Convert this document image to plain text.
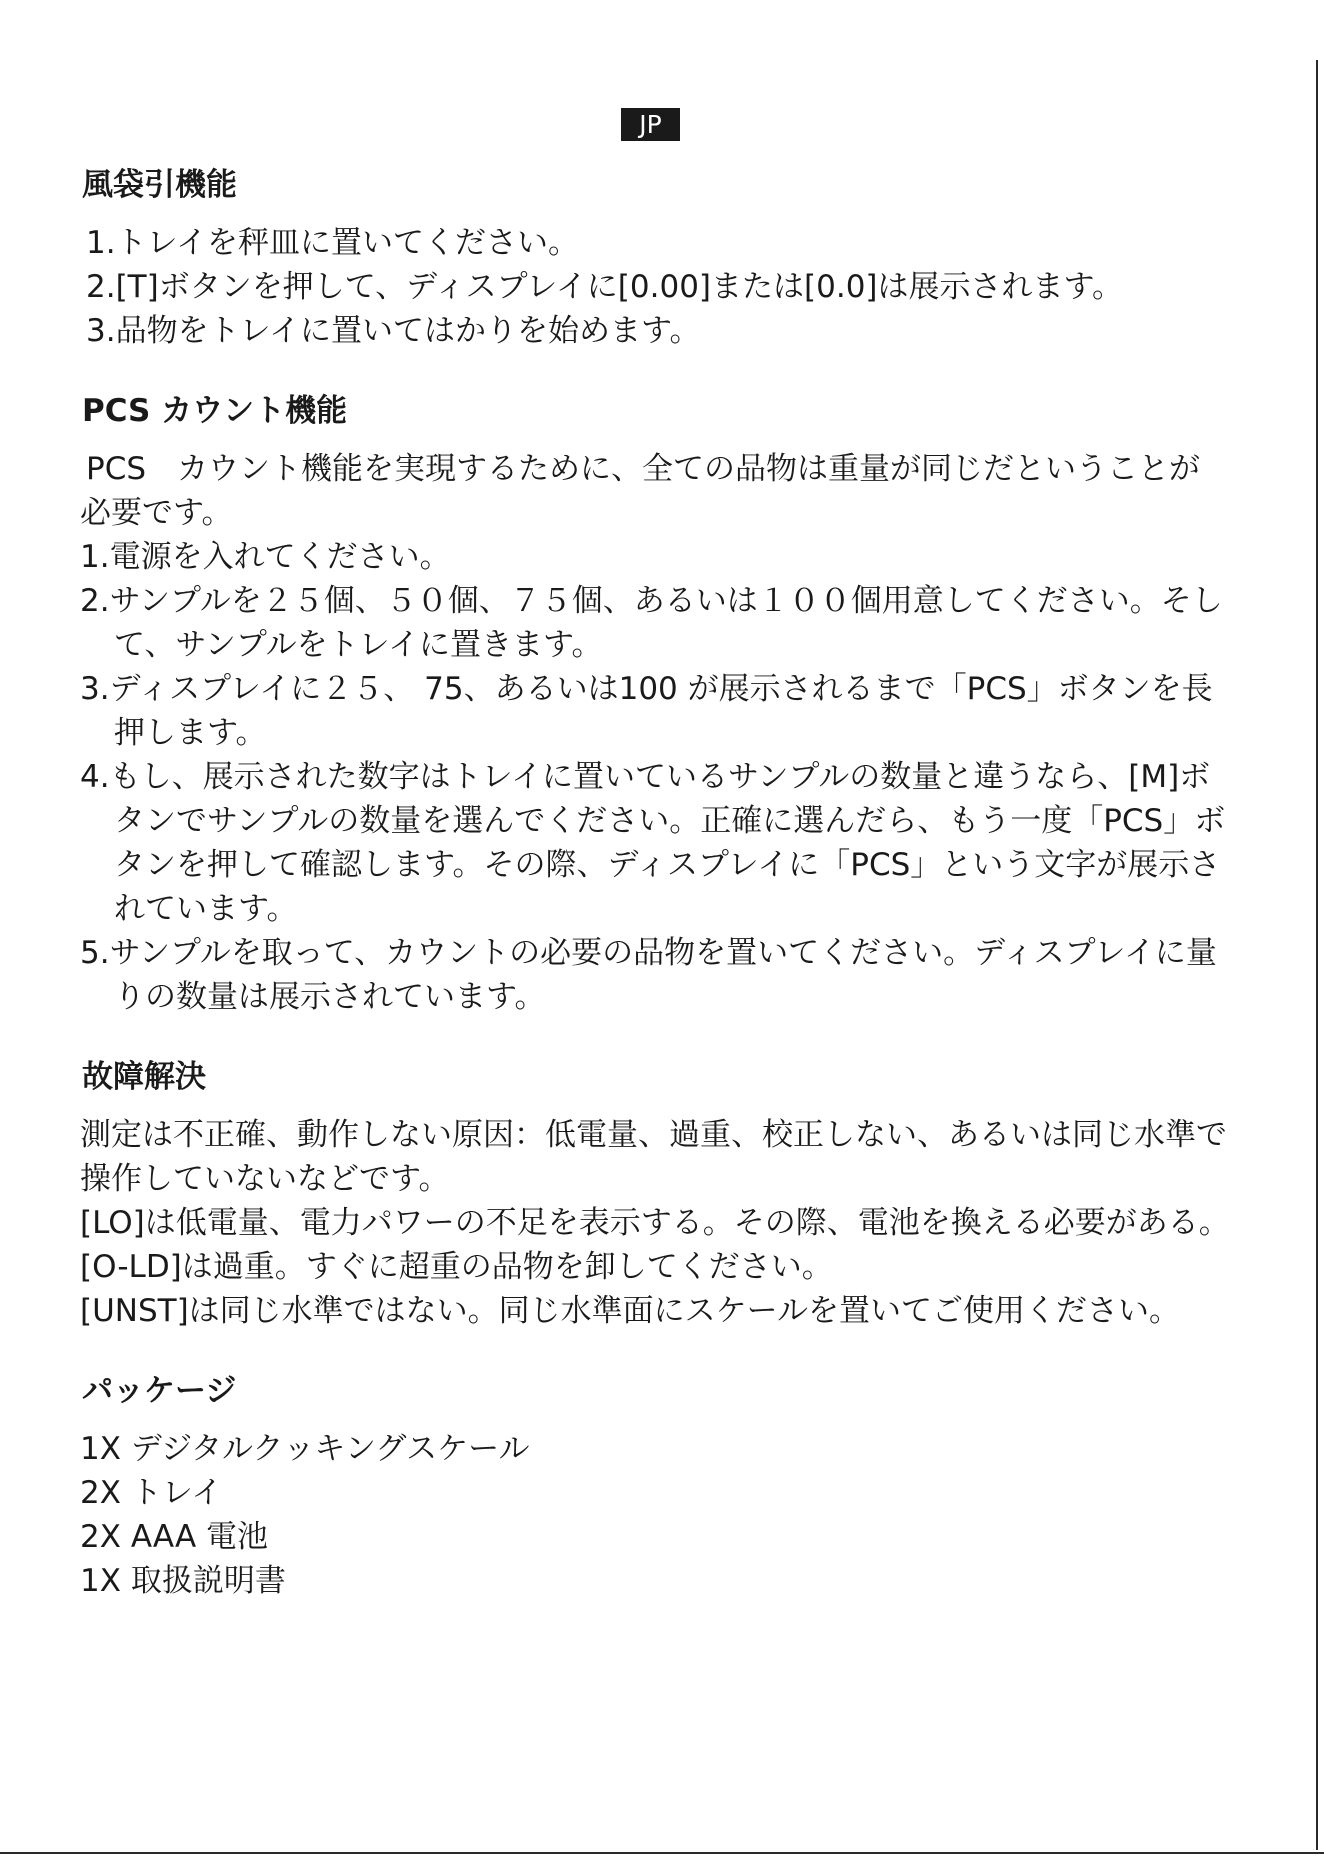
JP
風袋引機能
1.トレイを秤皿に置いてください。
2.[T]ボタンを押して、ディスプレイに[0.00]または[0.0]は展示されます。
3.品物をトレイに置いてはかりを始めます。
PCS カウント機能

PCS　カウント機能を実現するために、全ての品物は重量が同じだということが必要です。

1.電源を入れてください。
2.サンプルを２５個、５０個、７５個、あるいは１００個用意してください。そして、サンプルをトレイに置きます。
3.ディスプレイに２５、 75、あるいは100 が展示されるまで「PCS」ボタンを長押します。
4.もし、展示された数字はトレイに置いているサンプルの数量と違うなら、[M]ボタンでサンプルの数量を選んでください。正確に選んだら、もう一度「PCS」ボタンを押して確認します。その際、ディスプレイに「PCS」という文字が展示されています。
5.サンプルを取って、カウントの必要の品物を置いてください。ディスプレイに量りの数量は展示されています。
故障解決

測定は不正確、動作しない原因：低電量、過重、校正しない、あるいは同じ水準で操作していないなどです。

[LO]は低電量、電力パワーの不足を表示する。その際、電池を換える必要がある。

[O-LD]は過重。すぐに超重の品物を卸してください。

[UNST]は同じ水準ではない。同じ水準面にスケールを置いてご使用ください。

パッケージ
1X デジタルクッキングスケール
2X トレイ
2X AAA 電池
1X 取扱説明書
